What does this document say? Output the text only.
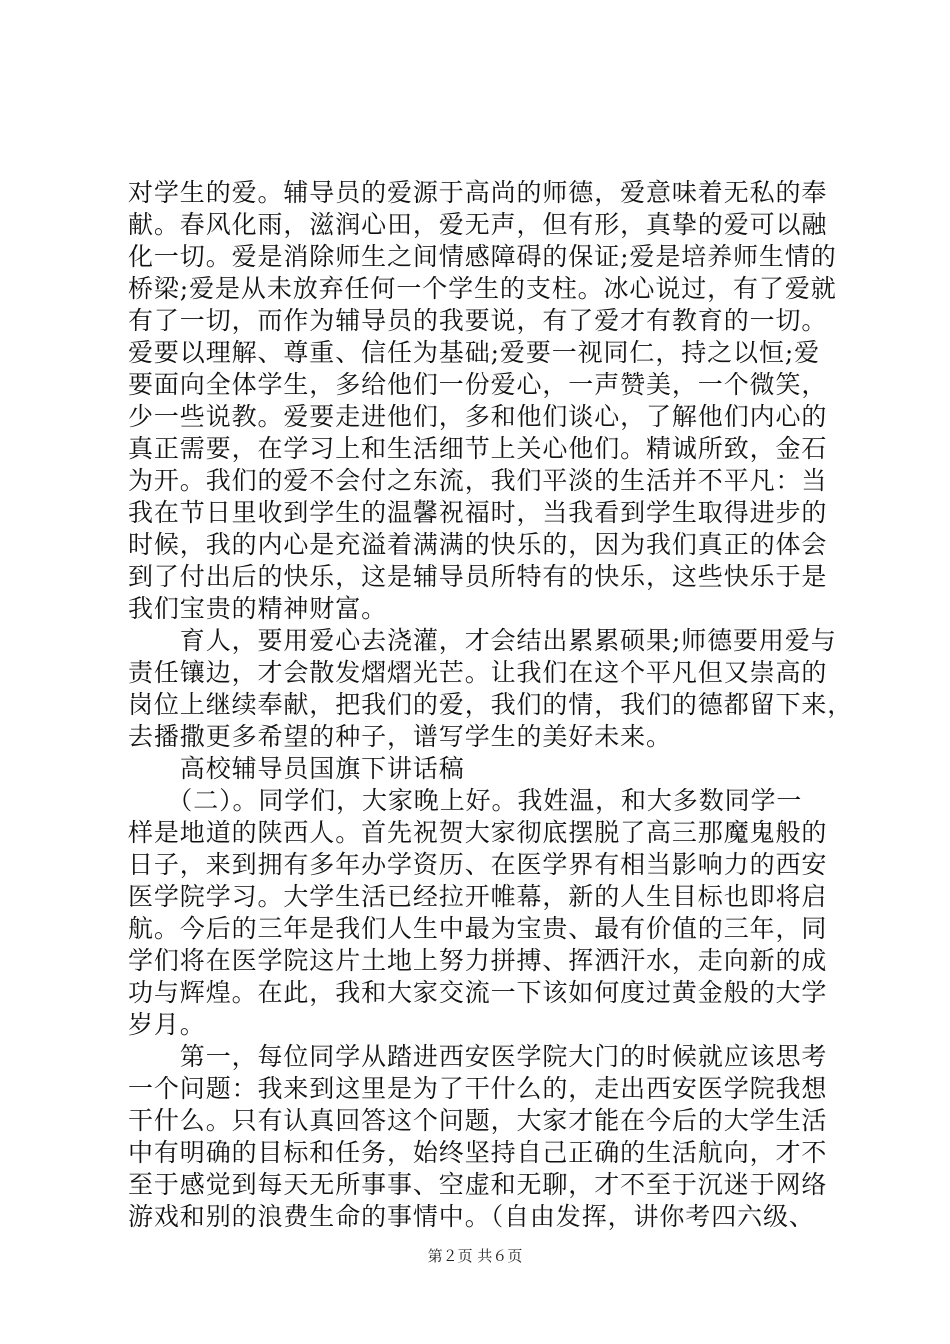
对学生的爱。辅导员的爱源于高尚的师德，爱意味着无私的奉
献。春风化雨，滋润心田，爱无声，但有形，真挚的爱可以融
化一切。爱是消除师生之间情感障碍的保证;爱是培养师生情的
桥梁;爱是从未放弃任何一个学生的支柱。冰心说过，有了爱就
有了一切，而作为辅导员的我要说，有了爱才有教育的一切。
爱要以理解、尊重、信任为基础;爱要一视同仁，持之以恒;爱
要面向全体学生，多给他们一份爱心，一声赞美，一个微笑，
少一些说教。爱要走进他们，多和他们谈心，了解他们内心的
真正需要，在学习上和生活细节上关心他们。精诚所致，金石
为开。我们的爱不会付之东流，我们平淡的生活并不平凡：当
我在节日里收到学生的温馨祝福时，当我看到学生取得进步的
时候，我的内心是充溢着满满的快乐的，因为我们真正的体会
到了付出后的快乐，这是辅导员所特有的快乐，这些快乐于是
我们宝贵的精神财富。
　　育人，要用爱心去浇灌，才会结出累累硕果;师德要用爱与
责任镶边，才会散发熠熠光芒。让我们在这个平凡但又崇高的
岗位上继续奉献，把我们的爱，我们的情，我们的德都留下来，
去播撒更多希望的种子，谱写学生的美好未来。
　　高校辅导员国旗下讲话稿
　　（二）。同学们，大家晚上好。我姓温，和大多数同学一
样是地道的陕西人。首先祝贺大家彻底摆脱了高三那魔鬼般的
日子，来到拥有多年办学资历、在医学界有相当影响力的西安
医学院学习。大学生活已经拉开帷幕，新的人生目标也即将启
航。今后的三年是我们人生中最为宝贵、最有价值的三年，同
学们将在医学院这片土地上努力拼搏、挥洒汗水，走向新的成
功与辉煌。在此，我和大家交流一下该如何度过黄金般的大学
岁月。
　　第一，每位同学从踏进西安医学院大门的时候就应该思考
一个问题：我来到这里是为了干什么的，走出西安医学院我想
干什么。只有认真回答这个问题，大家才能在今后的大学生活
中有明确的目标和任务，始终坚持自己正确的生活航向，才不
至于感觉到每天无所事事、空虚和无聊，才不至于沉迷于网络
游戏和别的浪费生命的事情中。（自由发挥，讲你考四六级、
第２页 共６页
